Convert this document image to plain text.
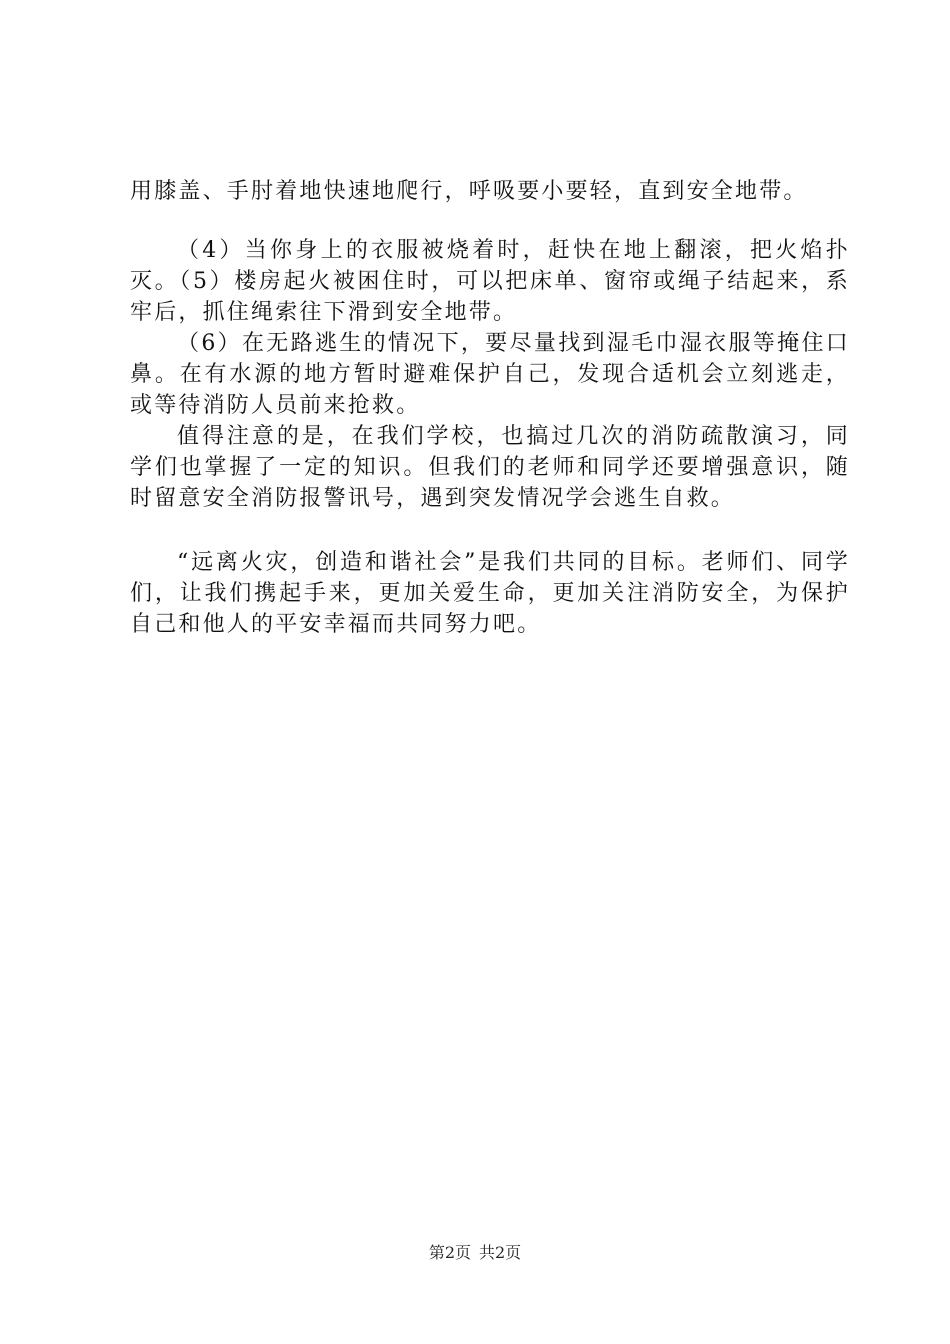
用膝盖、手肘着地快速地爬行，呼吸要小要轻，直到安全地带。

（4）当你身上的衣服被烧着时，赶快在地上翻滚，把火焰扑灭。（5）楼房起火被困住时，可以把床单、窗帘或绳子结起来，系牢后，抓住绳索往下滑到安全地带。

（6）在无路逃生的情况下，要尽量找到湿毛巾湿衣服等掩住口鼻。在有水源的地方暂时避难保护自己，发现合适机会立刻逃走，或等待消防人员前来抢救。

值得注意的是，在我们学校，也搞过几次的消防疏散演习，同学们也掌握了一定的知识。但我们的老师和同学还要增强意识，随时留意安全消防报警讯号，遇到突发情况学会逃生自救。

“远离火灾，创造和谐社会”是我们共同的目标。老师们、同学们，让我们携起手来，更加关爱生命，更加关注消防安全，为保护自己和他人的平安幸福而共同努力吧。

第2页 共2页
